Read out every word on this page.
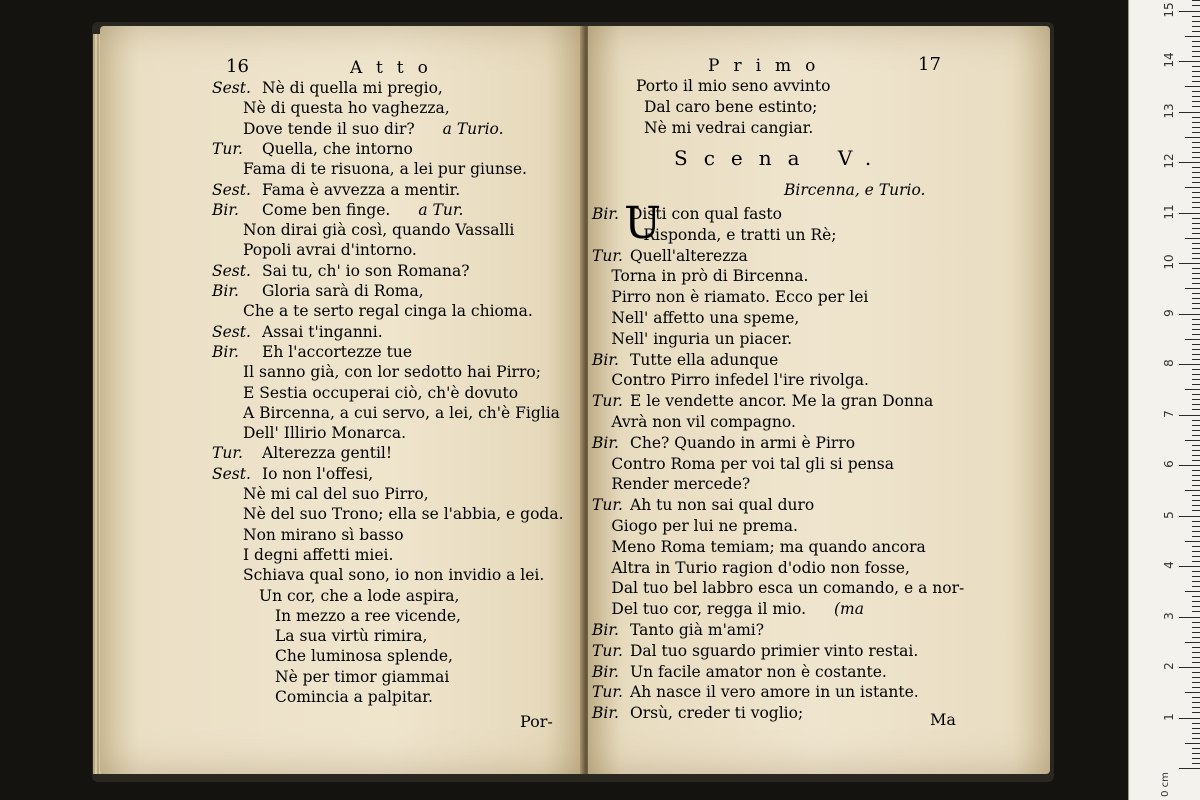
16	Atto
Sest. Nè di quella mi pregio,
Nè di questa ho vaghezza,
Dove tende il suo dir? a Turio.
Tur. Quella, che intorno
Fama di te risuona, a lei pur giunse.
Sest. Fama è avvezza a mentir.
Bir. Come ben finge. a Tur.
Non dirai già così, quando Vassalli
Popoli avrai d'intorno.
Sest. Sai tu, ch' io son Romana?
Bir. Gloria sarà di Roma,
Che a te serto regal cinga la chioma.
Sest. Assai t'inganni.
Bir. Eh l'accortezze tue
Il sanno già, con lor sedotto hai Pirro;
E Sestia occuperai ciò, ch'è dovuto
A Bircenna, a cui servo, a lei, ch'è Figlia
Dell' Illirio Monarca.
Tur. Alterezza gentil!
Sest. Io non l'offesi,
Nè mi cal del suo Pirro,
Nè del suo Trono; ella se l'abbia, e goda.
Non mirano sì basso
I degni affetti miei.
Schiava qual sono, io non invidio a lei.
Un cor, che a lode aspira,
In mezzo a ree vicende,
La sua virtù rimira,
Che luminosa splende,
Nè per timor giammai
Comincia a palpitar.
Por-
Primo	17
Porto il mio seno avvinto
Dal caro bene estinto;
Nè mi vedrai cangiar.
Scena V.
Bircenna, e Turio.
U
Bir. Disti con qual fasto
Risponda, e tratti un Rè;
Tur. Quell'alterezza
Torna in prò di Bircenna.
Pirro non è riamato. Ecco per lei
Nell' affetto una speme,
Nell' inguria un piacer.
Bir. Tutte ella adunque
Contro Pirro infedel l'ire rivolga.
Tur. E le vendette ancor. Me la gran Donna
Avrà non vil compagno.
Bir. Che? Quando in armi è Pirro
Contro Roma per voi tal gli si pensa
Render mercede?
Tur. Ah tu non sai qual duro
Giogo per lui ne prema.
Meno Roma temiam; ma quando ancora
Altra in Turio ragion d'odio non fosse,
Dal tuo bel labbro esca un comando, e a nor-
Del tuo cor, regga il mio. (ma
Bir. Tanto già m'ami?
Tur. Dal tuo sguardo primier vinto restai.
Bir. Un facile amator non è costante.
Tur. Ah nasce il vero amore in un istante.
Bir. Orsù, creder ti voglio;	Ma
0 cm
1
2
3
4
5
6
7
8
9
10
11
12
13
14
15
